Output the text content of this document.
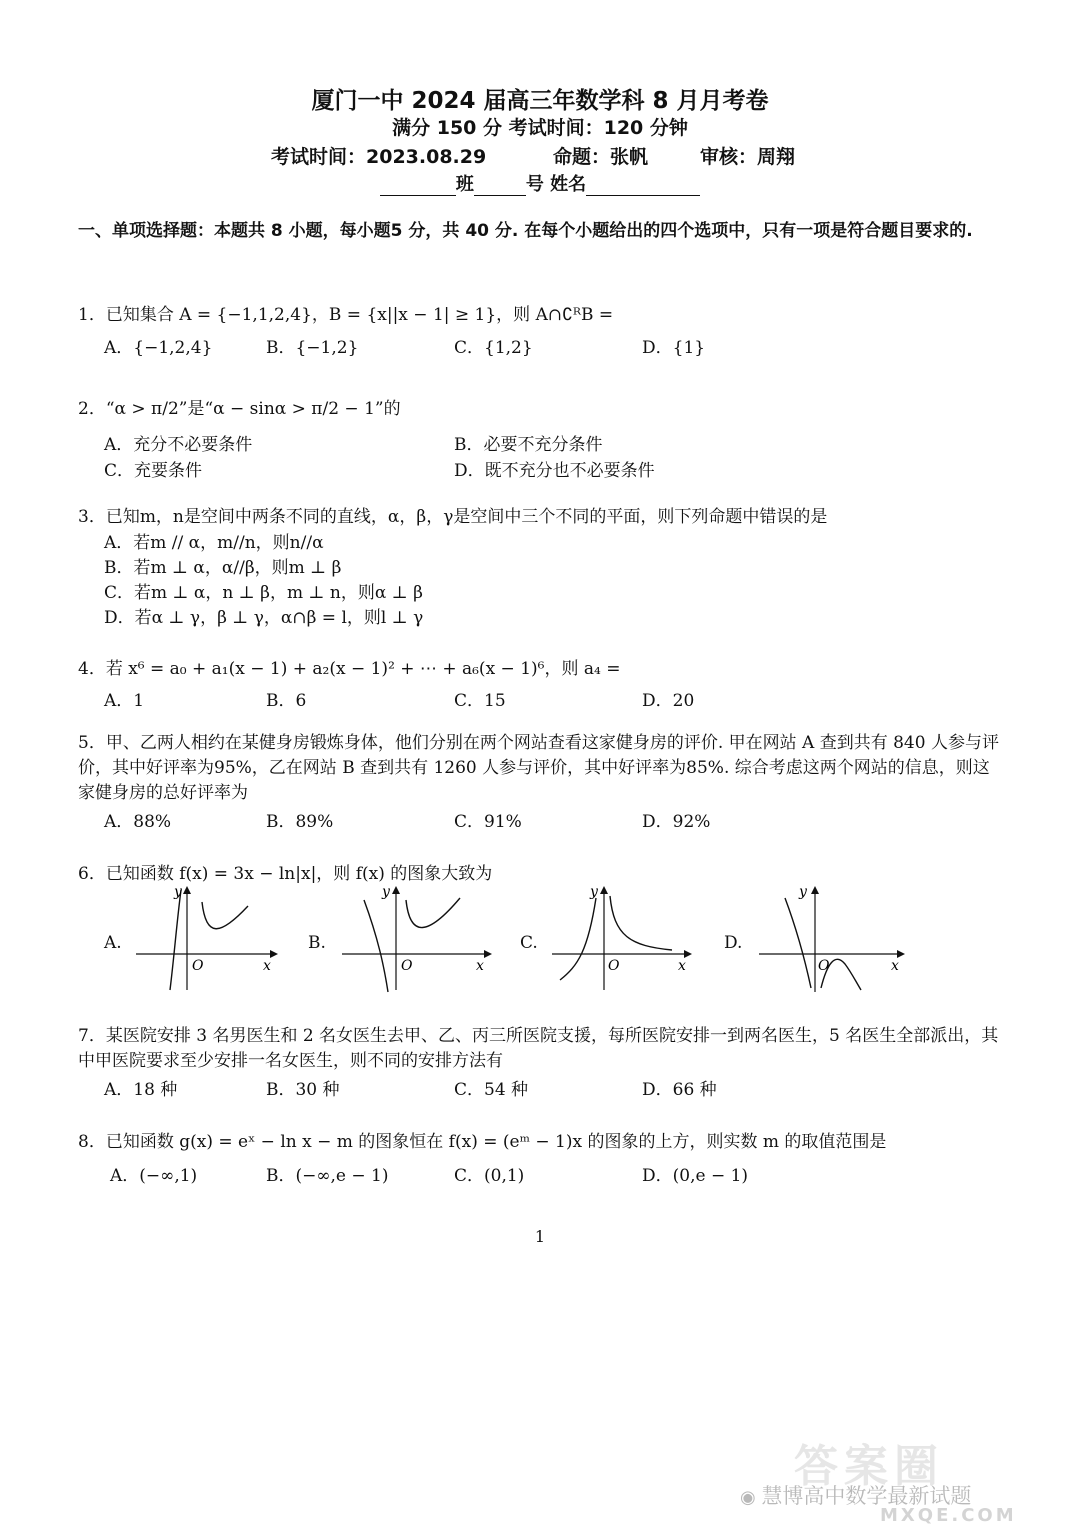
厦门一中 2024 届高三年数学科 8 月月考卷
满分 150 分 考试时间：120 分钟
考试时间：2023.08.29	命题：张帆	审核：周翔
班	号 姓名
一、单项选择题：本题共 8 小题，每小题5 分，共 40 分. 在每个小题给出的四个选项中，只有一项是符合题目要求的.
1．已知集合 A = {−1,1,2,4}，B = {x||x − 1| ≥ 1}，则 A∩∁ᴿB =
A．{−1,2,4}	B．{−1,2}	C．{1,2}	D．{1}
2．“α > π/2”是“α − sinα > π/2 − 1”的
A．充分不必要条件	B．必要不充分条件
C．充要条件	D．既不充分也不必要条件
3．已知m，n是空间中两条不同的直线，α，β，γ是空间中三个不同的平面，则下列命题中错误的是
A．若m // α，m//n，则n//α
B．若m ⊥ α，α//β，则m ⊥ β
C．若m ⊥ α，n ⊥ β，m ⊥ n，则α ⊥ β
D．若α ⊥ γ，β ⊥ γ，α∩β = l，则l ⊥ γ
4．若 x⁶ = a₀ + a₁(x − 1) + a₂(x − 1)² + ⋯ + a₆(x − 1)⁶，则 a₄ =
A．1	B．6	C．15	D．20
5．甲、乙两人相约在某健身房锻炼身体，他们分别在两个网站查看这家健身房的评价. 甲在网站 A 查到共有 840 人参与评价，其中好评率为95%，乙在网站 B 查到共有 1260 人参与评价，其中好评率为85%. 综合考虑这两个网站的信息，则这家健身房的总好评率为
A．88%	B．89%	C．91%	D．92%
6．已知函数 f(x) = 3x − ln|x|，则 f(x) 的图象大致为
A.	B.	C.	D.
y
O	x
y
O	x
y
O	x
y
O	x
7．某医院安排 3 名男医生和 2 名女医生去甲、乙、丙三所医院支援，每所医院安排一到两名医生，5 名医生全部派出，其中甲医院要求至少安排一名女医生，则不同的安排方法有
A．18 种	B．30 种	C．54 种	D．66 种
8．已知函数 g(x) = eˣ − ln x − m 的图象恒在 f(x) = (eᵐ − 1)x 的图象的上方，则实数 m 的取值范围是
A．(−∞,1)	B．(−∞,e − 1)	C．(0,1)	D．(0,e − 1)
1
答案圈
◉ 慧博高中数学最新试题
MXQE.COM
